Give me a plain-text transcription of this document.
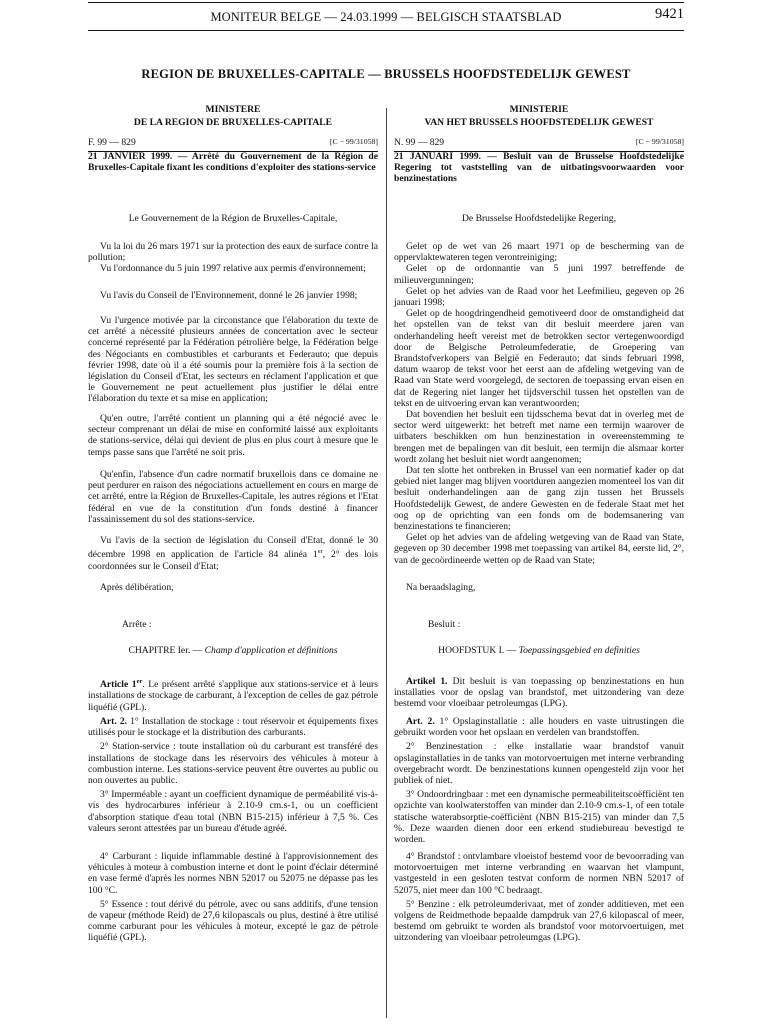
MONITEUR BELGE — 24.03.1999 — BELGISCH STAATSBLAD	9421
REGION DE BRUXELLES-CAPITALE — BRUSSELS HOOFDSTEDELIJK GEWEST
MINISTERE
DE LA REGION DE BRUXELLES-CAPITALE
F. 99 — 829	[C − 99/31058]

21 JANVIER 1999. — Arrêté du Gouvernement de la Région de Bruxelles-Capitale fixant les conditions d'exploiter des stations-service

Le Gouvernement de la Région de Bruxelles-Capitale,

Vu la loi du 26 mars 1971 sur la protection des eaux de surface contre la pollution;

Vu l'ordonnance du 5 juin 1997 relative aux permis d'environnement;

Vu l'avis du Conseil de l'Environnement, donné le 26 janvier 1998;

Vu l'urgence motivée par la circonstance que l'élaboration du texte de cet arrêté a nécessité plusieurs années de concertation avec le secteur concerné représenté par la Fédération pétrolière belge, la Fédération belge des Négociants en combustibles et carburants et Federauto; que depuis février 1998, date où il a été soumis pour la première fois à la section de législation du Conseil d'Etat, les secteurs en réclament l'application et que le Gouvernement ne peut actuellement plus justifier le délai entre l'élaboration du texte et sa mise en application;

Qu'en outre, l'arrêté contient un planning qui a été négocié avec le secteur comprenant un délai de mise en conformité laissé aux exploitants de stations-service, délai qui devient de plus en plus court à mesure que le temps passe sans que l'arrêté ne soit pris.

Qu'enfin, l'absence d'un cadre normatif bruxellois dans ce domaine ne peut perdurer en raison des négociations actuellement en cours en marge de cet arrêté, entre la Région de Bruxelles-Capitale, les autres régions et l'Etat fédéral en vue de la constitution d'un fonds destiné à financer l'assainissement du sol des stations-service.

Vu l'avis de la section de législation du Conseil d'Etat, donné le 30 décembre 1998 en application de l'article 84 alinéa 1er, 2° des lois coordonnées sur le Conseil d'Etat;

Après délibération,

Arrête :

CHAPITRE Ier. — Champ d'application et définitions

Article 1er. Le présent arrêté s'applique aux stations-service et à leurs installations de stockage de carburant, à l'exception de celles de gaz pétrole liquéfié (GPL).

Art. 2. 1° Installation de stockage : tout réservoir et équipements fixes utilisés pour le stockage et la distribution des carburants.

2° Station-service : toute installation où du carburant est transféré des installations de stockage dans les réservoirs des véhicules à moteur à combustion interne. Les stations-service peuvent être ouvertes au public ou non ouvertes au public.

3° Imperméable : ayant un coefficient dynamique de perméabilité vis-à-vis des hydrocarbures inférieur à 2.10-9 cm.s-1, ou un coefficient d'absorption statique d'eau total (NBN B15-215) inférieur à 7,5 %. Ces valeurs seront attestées par un bureau d'étude agréé.

4° Carburant : liquide inflammable destiné à l'approvisionnement des véhicules à moteur à combustion interne et dont le point d'éclair déterminé en vase fermé d'après les normes NBN 52017 ou 52075 ne dépasse pas les 100 °C.

5° Essence : tout dérivé du pétrole, avec ou sans additifs, d'une tension de vapeur (méthode Reid) de 27,6 kilopascals ou plus, destiné à être utilisé comme carburant pour les véhicules à moteur, excepté le gaz de pétrole liquéfié (GPL).

MINISTERIE
VAN HET BRUSSELS HOOFDSTEDELIJK GEWEST
N. 99 — 829	[C − 99/31058]

21 JANUARI 1999. — Besluit van de Brusselse Hoofdstedelijke Regering tot vaststelling van de uitbatingsvoorwaarden voor benzinestations

De Brusselse Hoofdstedelijke Regering,

Gelet op de wet van 26 maart 1971 op de bescherming van de oppervlaktewateren tegen verontreiniging;

Gelet op de ordonnantie van 5 juni 1997 betreffende de milieuvergunningen;

Gelet op het advies van de Raad voor het Leefmilieu, gegeven op 26 januari 1998;

Gelet op de hoogdringendheid gemotiveerd door de omstandigheid dat het opstellen van de tekst van dit besluit meerdere jaren van onderhandeling heeft vereist met de betrokken sector vertegenwoordigd door de Belgische Petroleumfederatie, de Groepering van Brandstofverkopers van België en Federauto; dat sinds februari 1998, datum waarop de tekst voor het eerst aan de afdeling wetgeving van de Raad van State werd voorgelegd, de sectoren de toepassing ervan eisen en dat de Regering niet langer het tijdsverschil tussen het opstellen van de tekst en de uitvoering ervan kan verantwoorden;

Dat bovendien het besluit een tijdsschema bevat dat in overleg met de sector werd uitgewerkt: het betreft met name een termijn waarover de uitbaters beschikken om hun benzinestation in overeenstemming te brengen met de bepalingen van dit besluit, een termijn die alsmaar korter wordt zolang het besluit niet wordt aangenomen;

Dat ten slotte het ontbreken in Brussel van een normatief kader op dat gebied niet langer mag blijven voortduren aangezien momenteel los van dit besluit onderhandelingen aan de gang zijn tussen het Brussels Hoofdstedelijk Gewest, de andere Gewesten en de federale Staat met het oog op de oprichting van een fonds om de bodemsanering van benzinestations te financieren;

Gelet op het advies van de afdeling wetgeving van de Raad van State, gegeven op 30 december 1998 met toepassing van artikel 84, eerste lid, 2°, van de gecoördineerde wetten op de Raad van State;

Na beraadslaging,

Besluit :

HOOFDSTUK I. — Toepassingsgebied en definities

Artikel 1. Dit besluit is van toepassing op benzinestations en hun installaties voor de opslag van brandstof, met uitzondering van deze bestemd voor vloeibaar petroleumgas (LPG).

Art. 2. 1° Opslaginstallatie : alle houders en vaste uitrustingen die gebruikt worden voor het opslaan en verdelen van brandstoffen.

2° Benzinestation : elke installatie waar brandstof vanuit opslaginstallaties in de tanks van motorvoertuigen met interne verbranding overgebracht wordt. De benzinestations kunnen opengesteld zijn voor het publiek of niet.

3° Ondoordringbaar : met een dynamische permeabiliteitscoëfficiënt ten opzichte van koolwaterstoffen van minder dan 2.10-9 cm.s-1, of een totale statische waterabsorptie-coëfficiënt (NBN B15-215) van minder dan 7,5 %. Deze waarden dienen door een erkend studiebureau bevestigd te worden.

4° Brandstof : ontvlambare vloeistof bestemd voor de bevoorrading van motorvoertuigen met interne verbranding en waarvan het vlampunt, vastgesteld in een gesloten testvat conform de normen NBN 52017 of 52075, niet meer dan 100 °C bedraagt.

5° Benzine : elk petroleumderivaat, met of zonder additieven, met een volgens de Reidmethode bepaalde dampdruk van 27,6 kilopascal of meer, bestemd om gebruikt te worden als brandstof voor motorvoertuigen, met uitzondering van vloeibaar petroleumgas (LPG).
